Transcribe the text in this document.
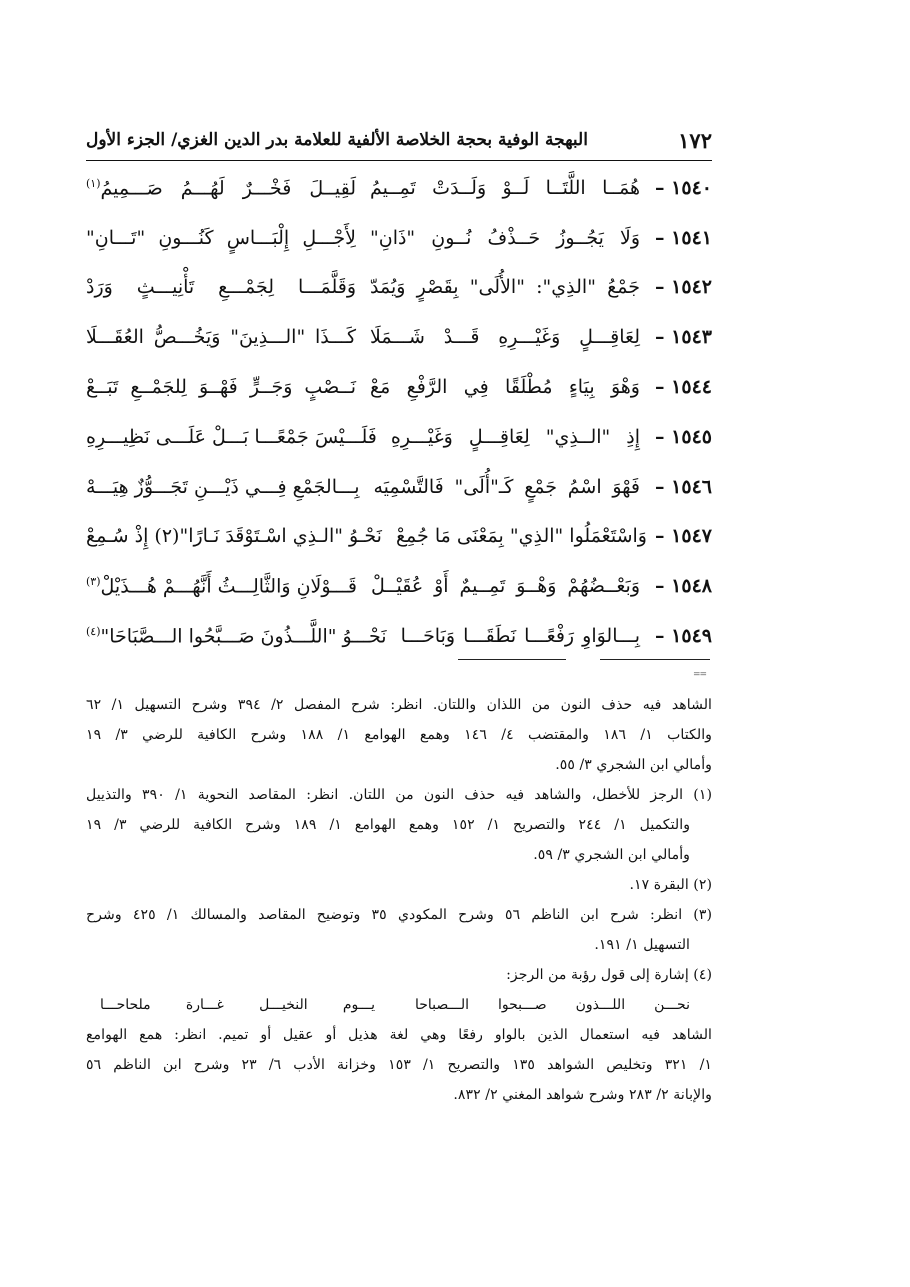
١٧٢
البهجة الوفية بحجة الخلاصة الألفية للعلامة بدر الدين الغزي/ الجزء الأول
١٥٤٠ –
هُمَــا اللَّتَــا لَــوْ وَلَــدَتْ تَمِــيمُ
لَقِيــلَ فَخْـــرٌ لَهُـــمُ صَـــمِيمُ$^{(١)}$
١٥٤١ –
وَلَا يَجُــوزُ حَــذْفُ نُــونِ "ذَانِ"
لِأَجْـــلِ إِلْبَـــاسٍ كَنُـــونِ "تَـــانِ"
١٥٤٢ –
جَمْعُ "الذِي": "الأُلَى" بِقَصْرٍ وَيُمَدّ
وَقَلَّمَـــا لِجَمْـــعِ تَأْنِيـــثٍ وَرَدْ
١٥٤٣ –
لِعَاقِـــلٍ وَغَيْـــرِهِ قَـــدْ شَـــمَلَا
كَـــذَا "الـــذِينَ" وَيَخُـــصُّ العُقَـــلَا
١٥٤٤ –
وَهْوَ بِيَاءٍ مُطْلَقًا فِي الرَّفْعِ مَعْ
نَــصْبٍ وَجَــرٍّ فَهْــوَ لِلجَمْــعِ تَبَــعْ
١٥٤٥ –
إِذِ "الــذِي" لِعَاقِـــلٍ وَغَيْـــرِهِ
فَلَـــيْسَ جَمْعًـــا بَـــلْ عَلَـــى نَظِيـــرِهِ
١٥٤٦ –
فَهْوَ اسْمُ جَمْعٍ كَـ"أُلَى" فَالتَّسْمِيَه
بِـــالجَمْعِ فِـــي ذَيْـــنِ تَجَـــوُّزٌ هِيَـــهْ
١٥٤٧ –
وَاسْتَعْمَلُوا "الذِي" بِمَعْنَى مَا جُمِعْ
نَحْـوُ "الـذِي اسْـتَوْقَدَ نَـارًا"(٢) إِذْ سُـمِعْ
١٥٤٨ –
وَبَعْــضُهُمْ وَهْــوَ تَمِــيمٌ أَوْ عُقَيْــلْ
قَـــوْلَانِ وَالثَّالِـــثُ أَنَّهُـــمْ هُـــذَيْلْ$^{(٣)}$
١٥٤٩ –
بِـــالوَاوِ رَفْعًـــا نَطَقَـــا وَبَاحَـــا
نَحْـــوُ "اللَّـــذُونَ صَـــبَّحُوا الـــصَّبَاحَا"$^{(٤)}$
==
الشاهد فيه حذف النون من اللذان واللتان. انظر: شرح المفصل ٢/ ٣٩٤ وشرح التسهيل ١/ ٦٢
والكتاب ١/ ١٨٦ والمقتضب ٤/ ١٤٦ وهمع الهوامع ١/ ١٨٨ وشرح الكافية للرضي ٣/ ١٩
وأمالي ابن الشجري ٣/ ٥٥.
(١) الرجز للأخطل، والشاهد فيه حذف النون من اللتان. انظر: المقاصد النحوية ١/ ٣٩٠ والتذييل
والتكميل ١/ ٢٤٤ والتصريح ١/ ١٥٢ وهمع الهوامع ١/ ١٨٩ وشرح الكافية للرضي ٣/ ١٩
وأمالي ابن الشجري ٣/ ٥٩.
(٢) البقرة ١٧.
(٣) انظر: شرح ابن الناظم ٥٦ وشرح المكودي ٣٥ وتوضيح المقاصد والمسالك ١/ ٤٢٥ وشرح
التسهيل ١/ ١٩١.
(٤) إشارة إلى قول رؤبة من الرجز:
نحـــن اللـــذون صـــبحوا الـــصباحا
يـــوم النخيـــل غـــارة ملحاحـــا
الشاهد فيه استعمال الذين بالواو رفعًا وهي لغة هذيل أو عقيل أو تميم. انظر: همع الهوامع
١/ ٣٢١ وتخليص الشواهد ١٣٥ والتصريح ١/ ١٥٣ وخزانة الأدب ٦/ ٢٣ وشرح ابن الناظم ٥٦
والإبانة ٢/ ٢٨٣ وشرح شواهد المغني ٢/ ٨٣٢.
